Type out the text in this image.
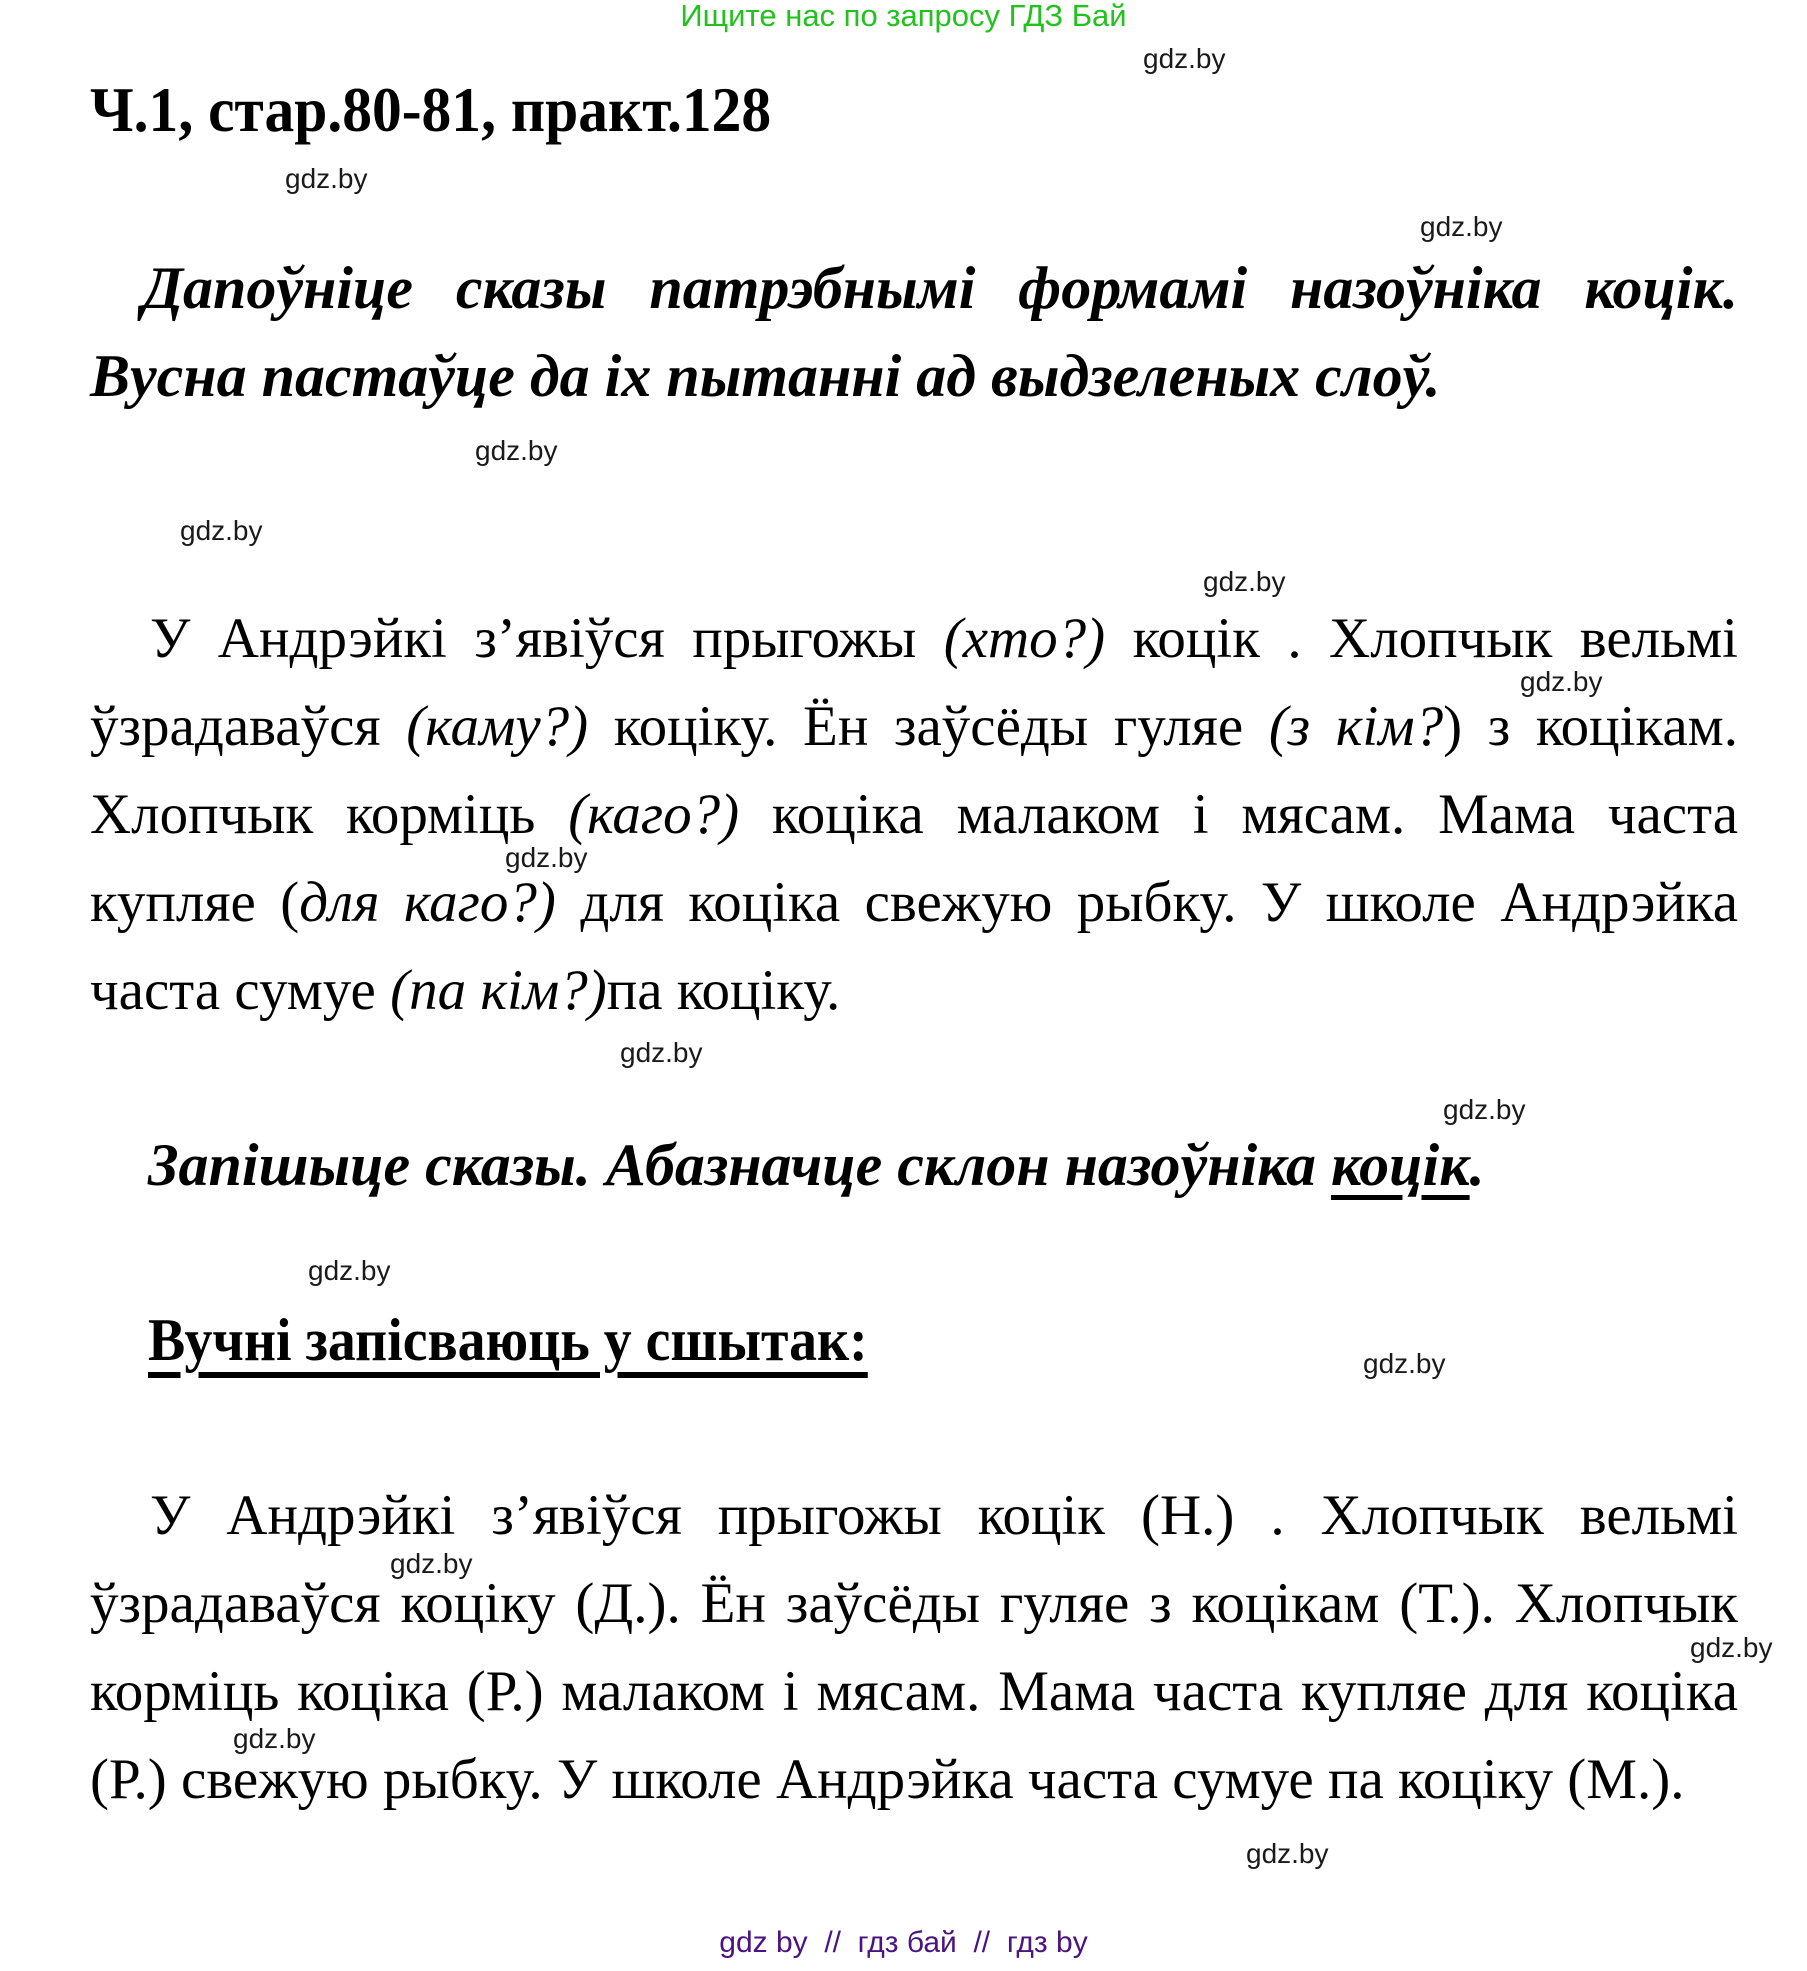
Ищите нас по запросу ГДЗ Бай
Ч.1, стар.80-81, практ.128
Дапоўніце сказы патрэбнымі формамі назоўніка коцік. Вусна пастаўце да іх пытанні ад выдзеленых слоў.
У Андрэйкі з’явіўся прыгожы (хто?) коцік . Хлопчык вельмі ўзрадаваўся (каму?) коціку. Ён заўсёды гуляе (з кім?) з коцікам. Хлопчык корміць (каго?) коціка малаком і мясам. Мама часта купляе (для каго?) для коціка свежую рыбку. У школе Андрэйка часта сумуе (па кім?)па коціку.
Запішыце сказы. Абазначце склон назоўніка коцік.
Вучні запісваюць у сшытак:
У Андрэйкі з’явіўся прыгожы коцік (Н.) . Хлопчык вельмі ўзрадаваўся коціку (Д.). Ён заўсёды гуляе з коцікам (Т.). Хлопчык корміць коціка (Р.) малаком і мясам. Мама часта купляе для коціка (Р.) свежую рыбку. У школе Андрэйка часта сумуе па коціку (М.).
gdz.by
gdz.by
gdz.by
gdz.by
gdz.by
gdz.by
gdz.by
gdz.by
gdz.by
gdz.by
gdz.by
gdz.by
gdz.by
gdz.by
gdz.by
gdz.by
gdz by  //  гдз бай  //  гдз by
